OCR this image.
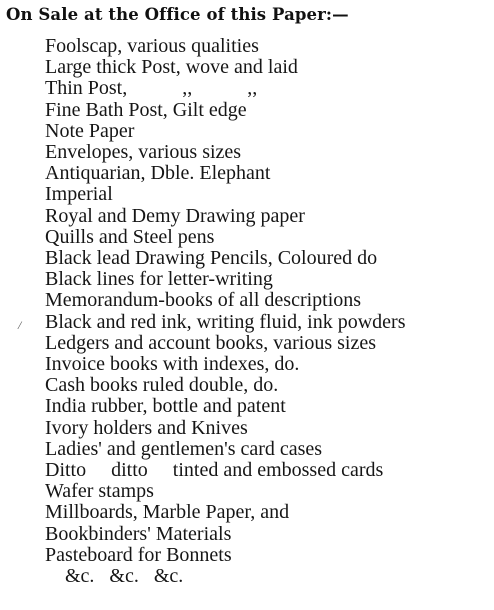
On Sale at the Office of this Paper:—
/
Foolscap, various qualities
Large thick Post, wove and laid
Thin Post,           ,,           ,,
Fine Bath Post, Gilt edge
Note Paper
Envelopes, various sizes
Antiquarian, Dble. Elephant
Imperial
Royal and Demy Drawing paper
Quills and Steel pens
Black lead Drawing Pencils, Coloured do
Black lines for letter-writing
Memorandum-books of all descriptions
Black and red ink, writing fluid, ink powders
Ledgers and account books, various sizes
Invoice books with indexes, do.
Cash books ruled double, do.
India rubber, bottle and patent
Ivory holders and Knives
Ladies' and gentlemen's card cases
Ditto     ditto     tinted and embossed cards
Wafer stamps
Millboards, Marble Paper, and
Bookbinders' Materials
Pasteboard for Bonnets
&c.   &c.   &c.
